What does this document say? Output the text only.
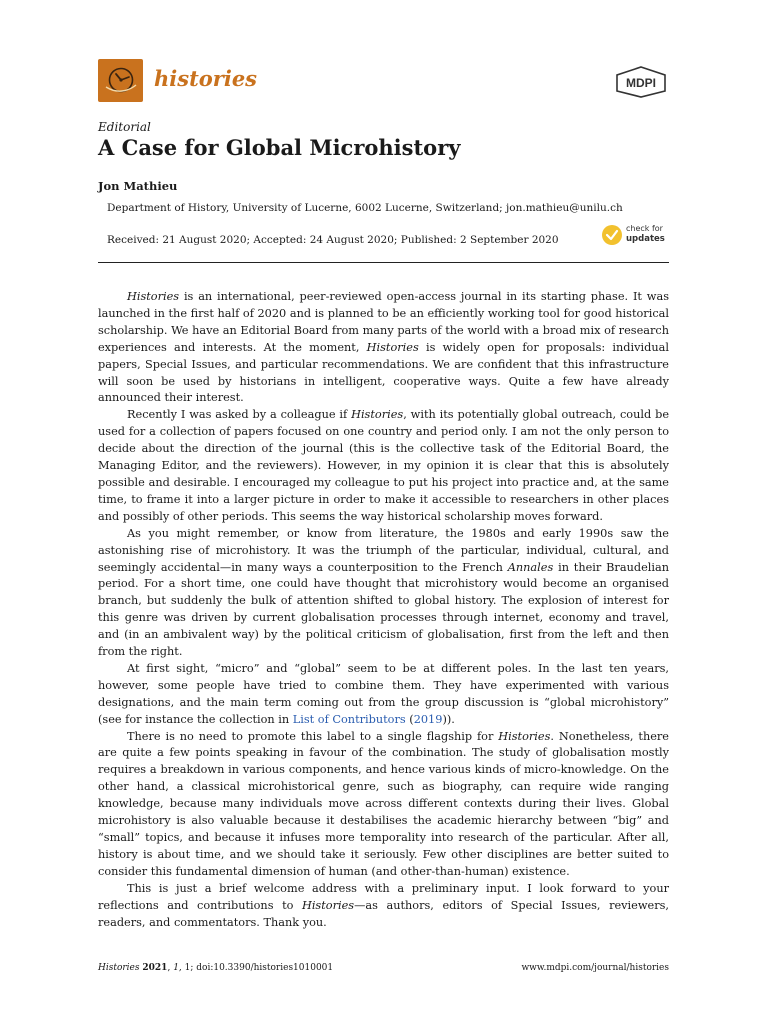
histories	MDPI
Editorial
A Case for Global Microhistory
Jon Mathieu
Department of History, University of Lucerne, 6002 Lucerne, Switzerland; jon.mathieu@unilu.ch
Received: 21 August 2020; Accepted: 24 August 2020; Published: 2 September 2020
check for
updates

Histories is an international, peer-reviewed open-access journal in its starting phase. It was launched in the first half of 2020 and is planned to be an efficiently working tool for good historical scholarship. We have an Editorial Board from many parts of the world with a broad mix of research experiences and interests. At the moment, Histories is widely open for proposals: individual papers, Special Issues, and particular recommendations. We are confident that this infrastructure will soon be used by historians in intelligent, cooperative ways. Quite a few have already announced their interest.

Recently I was asked by a colleague if Histories, with its potentially global outreach, could be used for a collection of papers focused on one country and period only. I am not the only person to decide about the direction of the journal (this is the collective task of the Editorial Board, the Managing Editor, and the reviewers). However, in my opinion it is clear that this is absolutely possible and desirable. I encouraged my colleague to put his project into practice and, at the same time, to frame it into a larger picture in order to make it accessible to researchers in other places and possibly of other periods. This seems the way historical scholarship moves forward.

As you might remember, or know from literature, the 1980s and early 1990s saw the astonishing rise of microhistory. It was the triumph of the particular, individual, cultural, and seemingly accidental—in many ways a counterposition to the French Annales in their Braudelian period. For a short time, one could have thought that microhistory would become an organised branch, but suddenly the bulk of attention shifted to global history. The explosion of interest for this genre was driven by current globalisation processes through internet, economy and travel, and (in an ambivalent way) by the political criticism of globalisation, first from the left and then from the right.

At first sight, “micro” and “global” seem to be at different poles. In the last ten years, however, some people have tried to combine them. They have experimented with various designations, and the main term coming out from the group discussion is “global microhistory” (see for instance the collection in List of Contributors (2019)).

There is no need to promote this label to a single flagship for Histories. Nonetheless, there are quite a few points speaking in favour of the combination. The study of globalisation mostly requires a breakdown in various components, and hence various kinds of micro-knowledge. On the other hand, a classical microhistorical genre, such as biography, can require wide ranging knowledge, because many individuals move across different contexts during their lives. Global microhistory is also valuable because it destabilises the academic hierarchy between “big” and “small” topics, and because it infuses more temporality into research of the particular. After all, history is about time, and we should take it seriously. Few other disciplines are better suited to consider this fundamental dimension of human (and other-than-human) existence.

This is just a brief welcome address with a preliminary input. I look forward to your reflections and contributions to Histories—as authors, editors of Special Issues, reviewers, readers, and commentators. Thank you.

Histories 2021, 1, 1; doi:10.3390/histories1010001	www.mdpi.com/journal/histories
